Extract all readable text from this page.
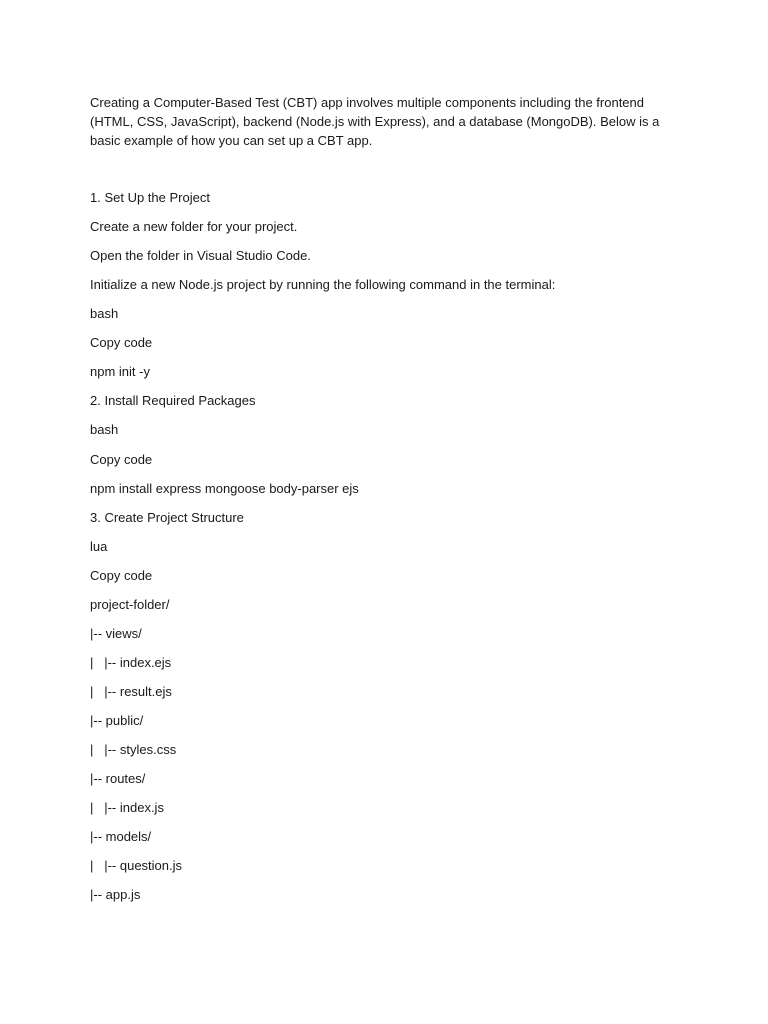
Creating a Computer-Based Test (CBT) app involves multiple components including the frontend (HTML, CSS, JavaScript), backend (Node.js with Express), and a database (MongoDB). Below is a basic example of how you can set up a CBT app.

1. Set Up the Project

Create a new folder for your project.

Open the folder in Visual Studio Code.

Initialize a new Node.js project by running the following command in the terminal:

bash

Copy code

npm init -y

2. Install Required Packages

bash

Copy code

npm install express mongoose body-parser ejs

3. Create Project Structure

lua

Copy code

project-folder/

|-- views/

|   |-- index.ejs

|   |-- result.ejs

|-- public/

|   |-- styles.css

|-- routes/

|   |-- index.js

|-- models/

|   |-- question.js

|-- app.js
